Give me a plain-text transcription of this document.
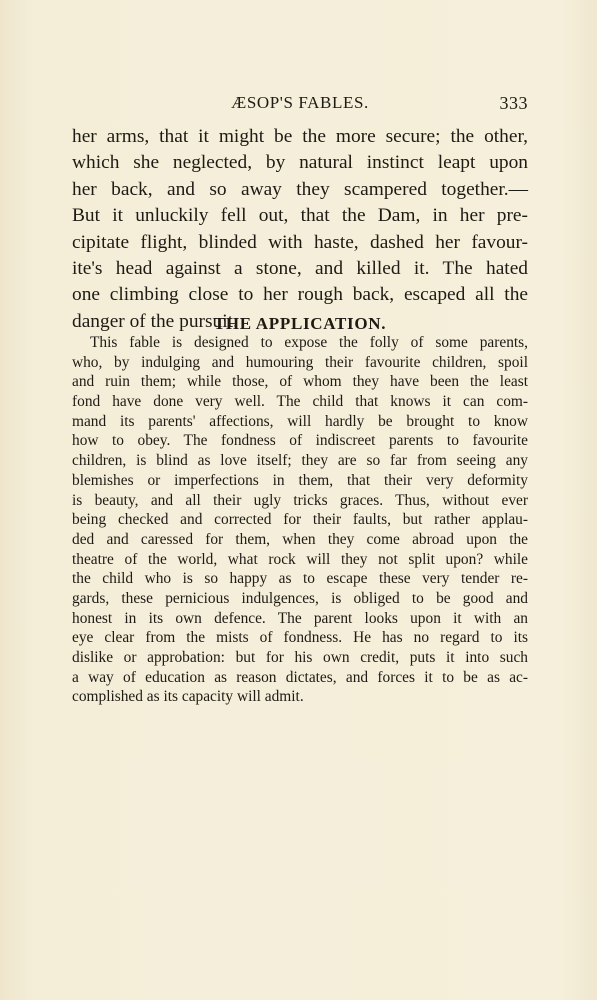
ÆSOP'S FABLES.	333
her arms, that it might be the more secure; the other,
which she neglected, by natural instinct leapt upon
her back, and so away they scampered together.—
But it unluckily fell out, that the Dam, in her pre-
cipitate flight, blinded with haste, dashed her favour-
ite's head against a stone, and killed it. The hated
one climbing close to her rough back, escaped all the
danger of the pursuit.
THE APPLICATION.
This fable is designed to expose the folly of some parents,
who, by indulging and humouring their favourite children, spoil
and ruin them; while those, of whom they have been the least
fond have done very well. The child that knows it can com-
mand its parents' affections, will hardly be brought to know
how to obey. The fondness of indiscreet parents to favourite
children, is blind as love itself; they are so far from seeing any
blemishes or imperfections in them, that their very deformity
is beauty, and all their ugly tricks graces. Thus, without ever
being checked and corrected for their faults, but rather applau-
ded and caressed for them, when they come abroad upon the
theatre of the world, what rock will they not split upon? while
the child who is so happy as to escape these very tender re-
gards, these pernicious indulgences, is obliged to be good and
honest in its own defence. The parent looks upon it with an
eye clear from the mists of fondness. He has no regard to its
dislike or approbation: but for his own credit, puts it into such
a way of education as reason dictates, and forces it to be as ac-
complished as its capacity will admit.
